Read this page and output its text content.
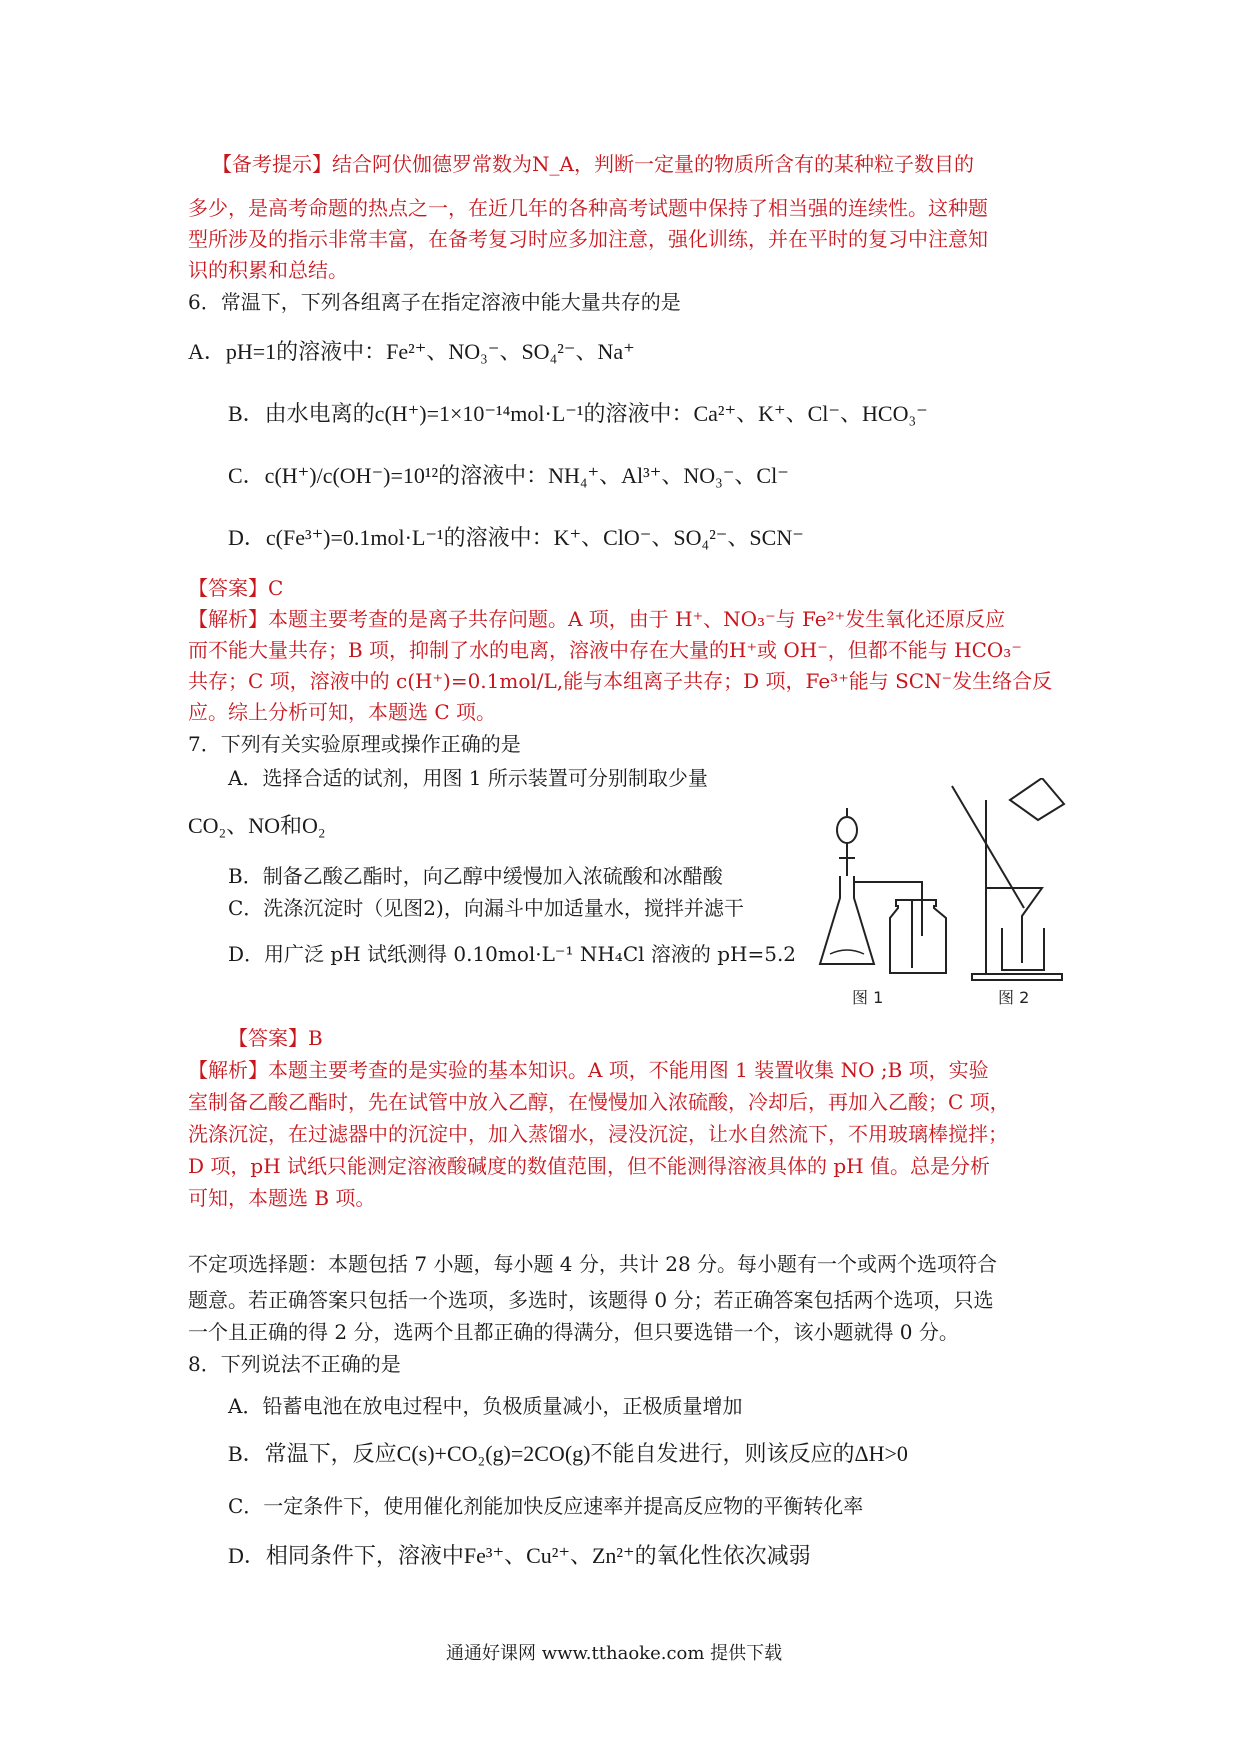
【备考提示】结合阿伏伽德罗常数为N_A，判断一定量的物质所含有的某种粒子数目的
多少，是高考命题的热点之一，在近几年的各种高考试题中保持了相当强的连续性。这种题
型所涉及的指示非常丰富，在备考复习时应多加注意，强化训练，并在平时的复习中注意知
识的积累和总结。
6．常温下，下列各组离子在指定溶液中能大量共存的是
A．pH=1的溶液中：Fe²⁺、NO₃⁻、SO₄²⁻、Na⁺
B．由水电离的c(H⁺)=1×10⁻¹⁴mol·L⁻¹的溶液中：Ca²⁺、K⁺、Cl⁻、HCO₃⁻
C．c(H⁺)/c(OH⁻)=10¹²的溶液中：NH₄⁺、Al³⁺、NO₃⁻、Cl⁻
D．c(Fe³⁺)=0.1mol·L⁻¹的溶液中：K⁺、ClO⁻、SO₄²⁻、SCN⁻
【答案】C
【解析】本题主要考查的是离子共存问题。A 项，由于 H⁺、NO₃⁻与 Fe²⁺发生氧化还原反应
而不能大量共存；B 项，抑制了水的电离，溶液中存在大量的H⁺或 OH⁻，但都不能与 HCO₃⁻
共存；C 项，溶液中的 c(H⁺)=0.1mol/L,能与本组离子共存；D 项，Fe³⁺能与 SCN⁻发生络合反
应。综上分析可知，本题选 C 项。
7．下列有关实验原理或操作正确的是
A．选择合适的试剂，用图 1 所示装置可分别制取少量
CO₂、NO和O₂
B．制备乙酸乙酯时，向乙醇中缓慢加入浓硫酸和冰醋酸
C．洗涤沉淀时（见图2)，向漏斗中加适量水，搅拌并滤干
D．用广泛 pH 试纸测得 0.10mol·L⁻¹ NH₄Cl 溶液的 pH=5.2
图 1	图 2
【答案】B
【解析】本题主要考查的是实验的基本知识。A 项，不能用图 1 装置收集 NO ;B 项，实验
室制备乙酸乙酯时，先在试管中放入乙醇，在慢慢加入浓硫酸，冷却后，再加入乙酸；C 项，
洗涤沉淀，在过滤器中的沉淀中，加入蒸馏水，浸没沉淀，让水自然流下，不用玻璃棒搅拌；
D 项，pH 试纸只能测定溶液酸碱度的数值范围，但不能测得溶液具体的 pH 值。总是分析
可知，本题选 B 项。
不定项选择题：本题包括 7 小题，每小题 4 分，共计 28 分。每小题有一个或两个选项符合
题意。若正确答案只包括一个选项，多选时，该题得 0 分；若正确答案包括两个选项，只选
一个且正确的得 2 分，选两个且都正确的得满分，但只要选错一个，该小题就得 0 分。
8．下列说法不正确的是
A．铅蓄电池在放电过程中，负极质量减小，正极质量增加
B．常温下，反应C(s)+CO₂(g)=2CO(g)不能自发进行，则该反应的ΔH>0
C．一定条件下，使用催化剂能加快反应速率并提高反应物的平衡转化率
D．相同条件下，溶液中Fe³⁺、Cu²⁺、Zn²⁺的氧化性依次减弱
通通好课网 www.tthaoke.com 提供下载
